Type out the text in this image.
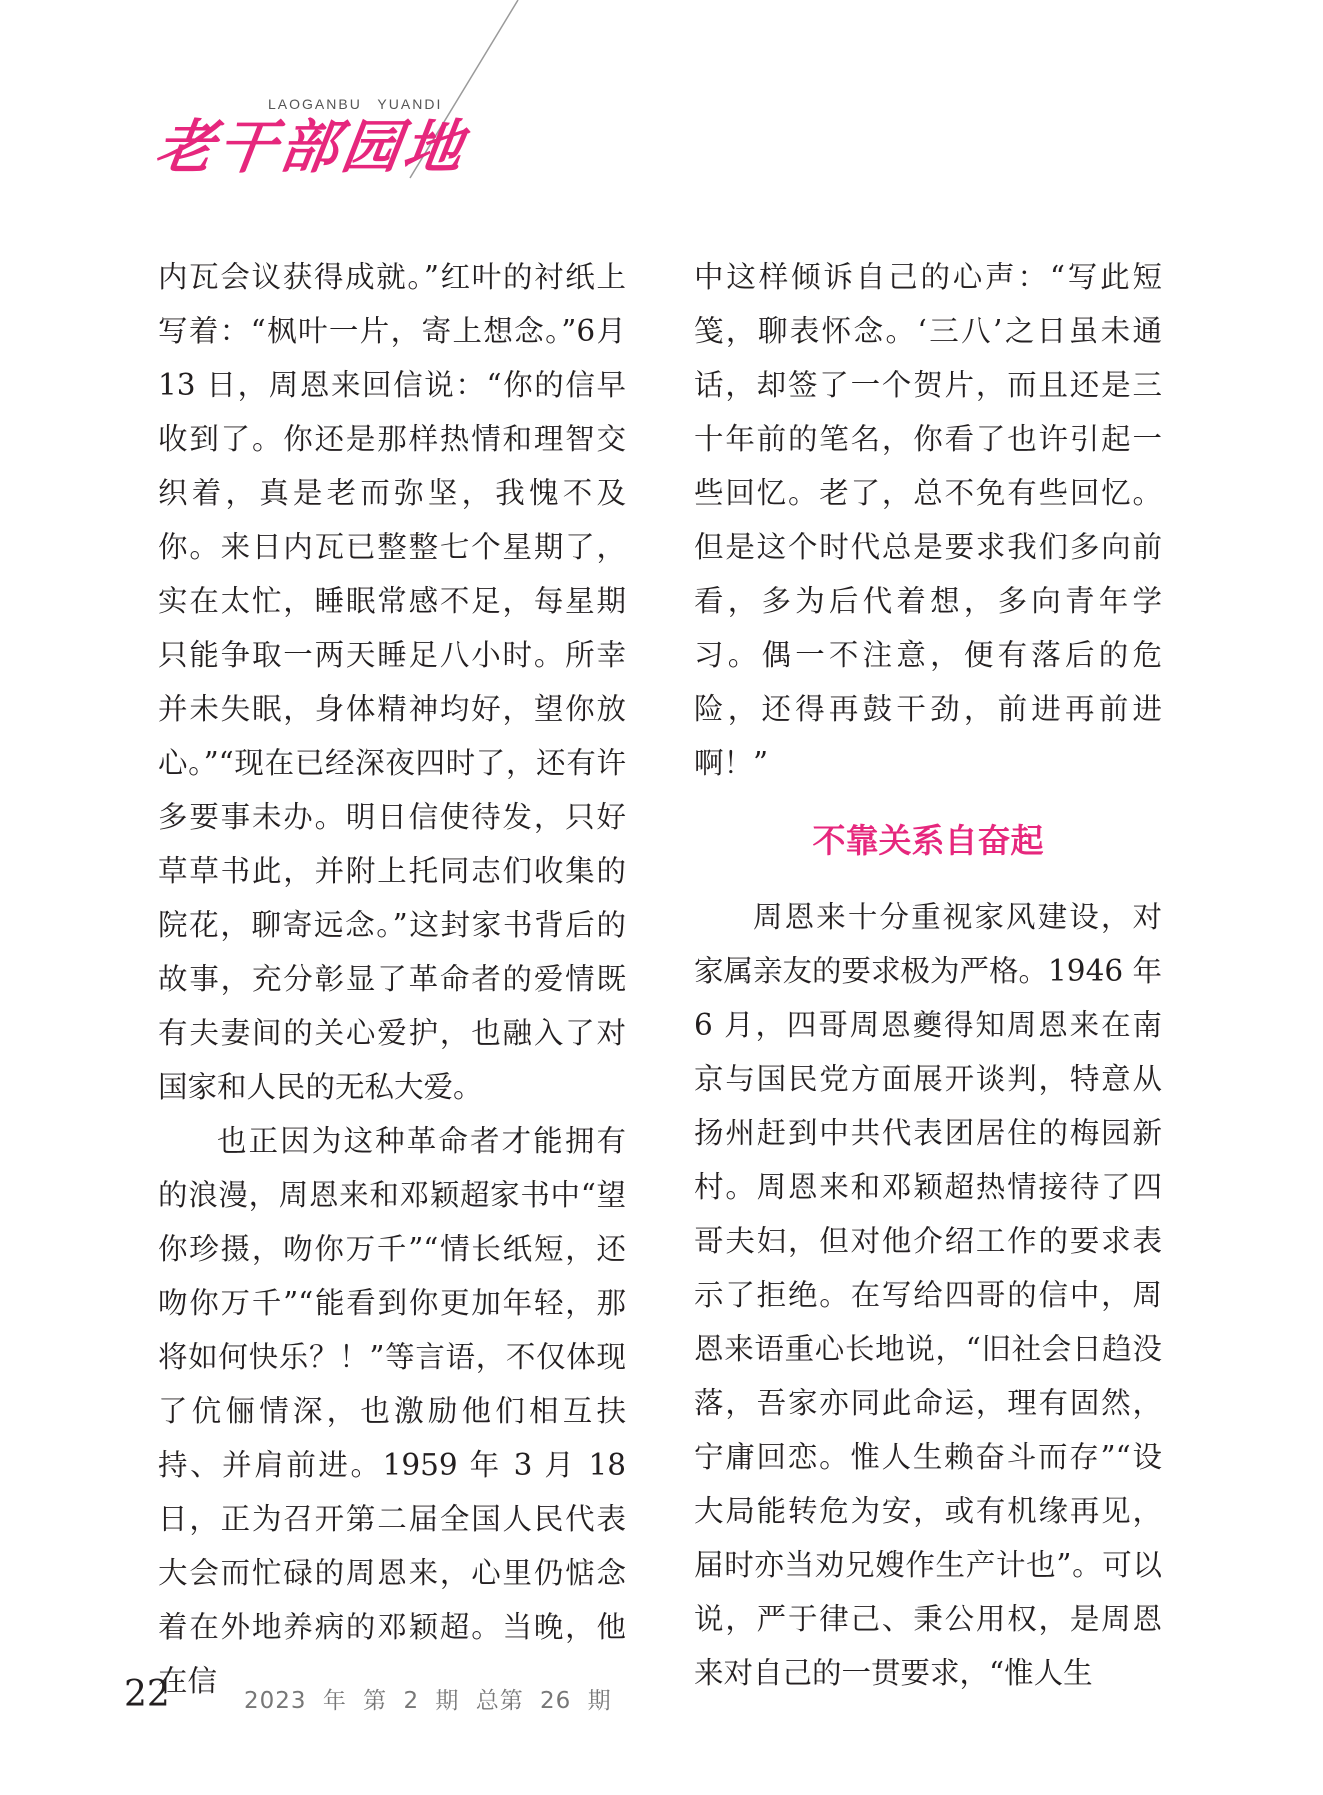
LAOGANBU YUANDI
老干部园地

内瓦会议获得成就。”红叶的衬纸上写着：“枫叶一片，寄上想念。”6月 13 日，周恩来回信说：“你的信早收到了。你还是那样热情和理智交织着，真是老而弥坚，我愧不及你。来日内瓦已整整七个星期了，实在太忙，睡眠常感不足，每星期只能争取一两天睡足八小时。所幸并未失眠，身体精神均好，望你放心。”“现在已经深夜四时了，还有许多要事未办。明日信使待发，只好草草书此，并附上托同志们收集的院花，聊寄远念。”这封家书背后的故事，充分彰显了革命者的爱情既有夫妻间的关心爱护，也融入了对国家和人民的无私大爱。

也正因为这种革命者才能拥有的浪漫，周恩来和邓颖超家书中“望你珍摄，吻你万千”“情长纸短，还吻你万千”“能看到你更加年轻，那将如何快乐？！”等言语，不仅体现了伉俪情深，也激励他们相互扶持、并肩前进。1959 年 3 月 18 日，正为召开第二届全国人民代表大会而忙碌的周恩来，心里仍惦念着在外地养病的邓颖超。当晚，他在信

中这样倾诉自己的心声：“写此短笺，聊表怀念。‘三八’之日虽未通话，却签了一个贺片，而且还是三十年前的笔名，你看了也许引起一些回忆。老了，总不免有些回忆。但是这个时代总是要求我们多向前看，多为后代着想，多向青年学习。偶一不注意，便有落后的危险，还得再鼓干劲，前进再前进啊！”

不靠关系自奋起

周恩来十分重视家风建设，对家属亲友的要求极为严格。1946 年6 月，四哥周恩夔得知周恩来在南京与国民党方面展开谈判，特意从扬州赶到中共代表团居住的梅园新村。周恩来和邓颖超热情接待了四哥夫妇，但对他介绍工作的要求表示了拒绝。在写给四哥的信中，周恩来语重心长地说，“旧社会日趋没落，吾家亦同此命运，理有固然，宁庸回恋。惟人生赖奋斗而存”“设大局能转危为安，或有机缘再见，届时亦当劝兄嫂作生产计也”。可以说，严于律己、秉公用权，是周恩来对自己的一贯要求，“惟人生

22	2023 年 第 2 期 总第 26 期
